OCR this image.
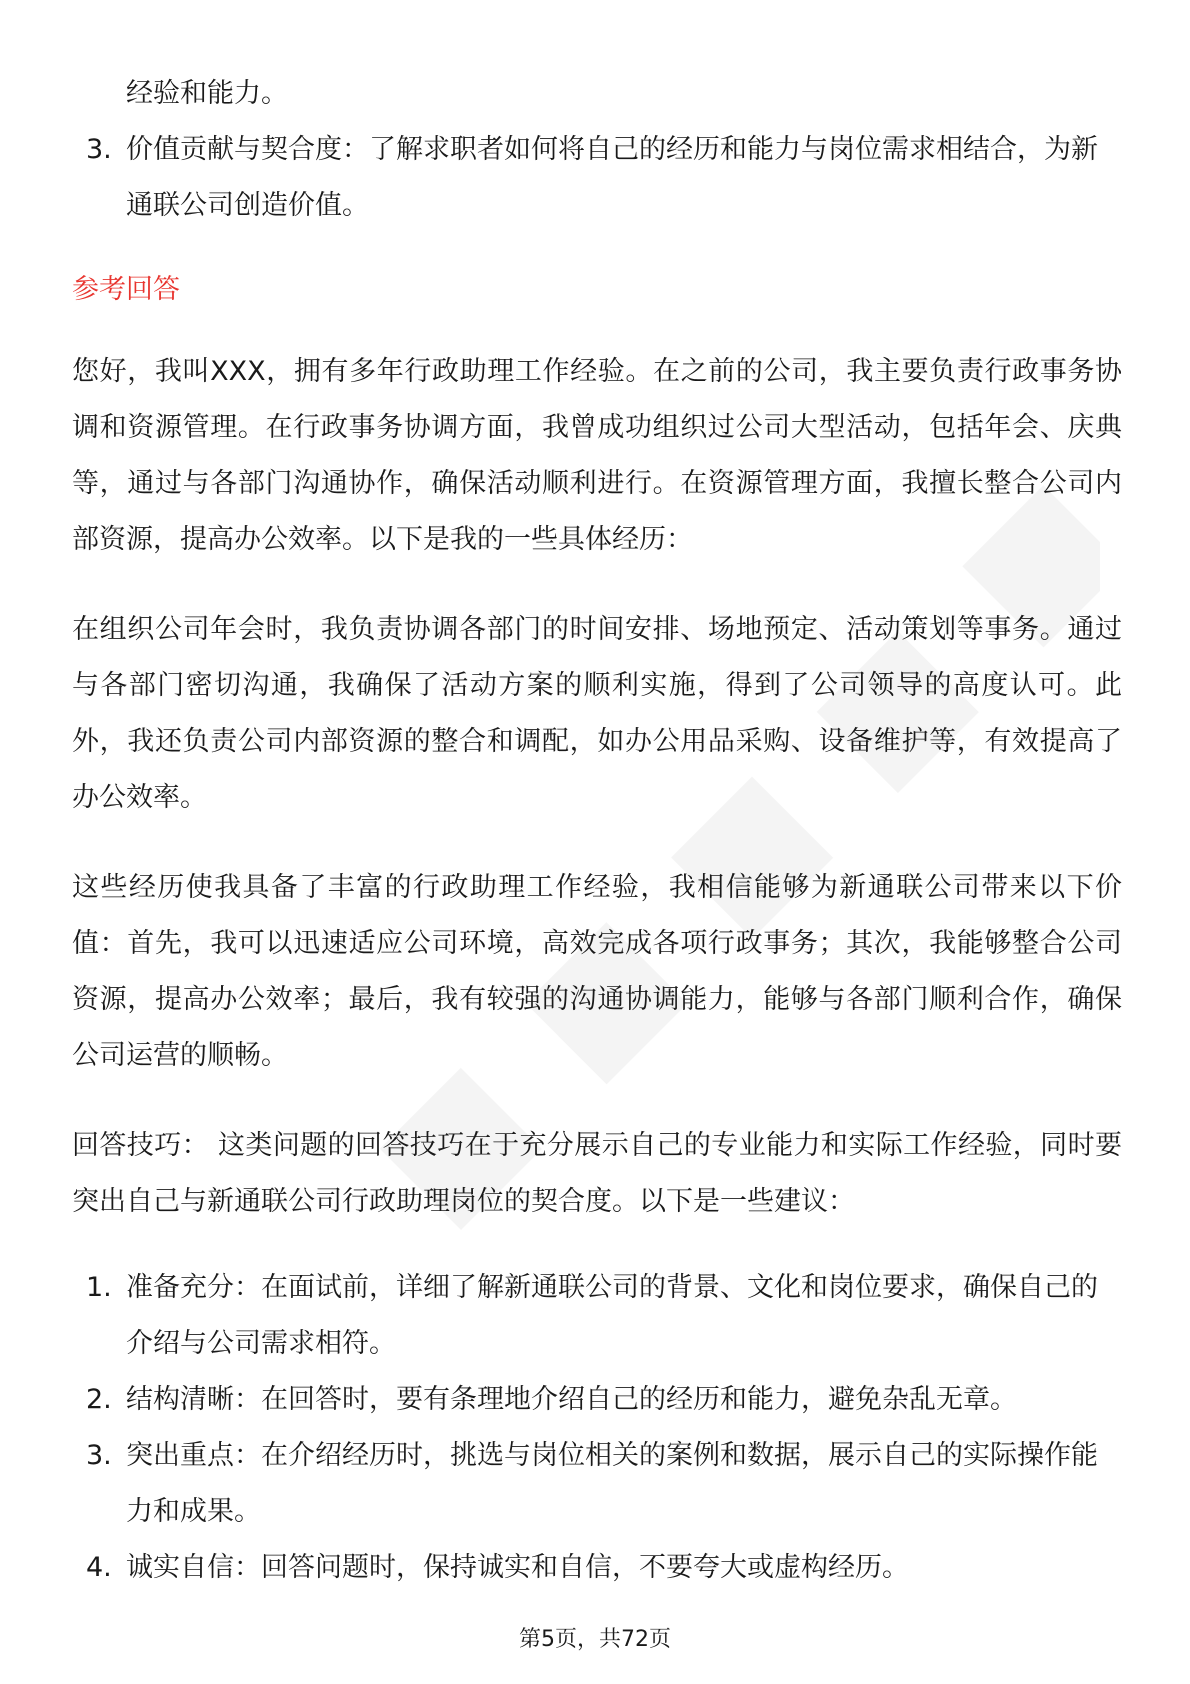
经验和能力。
3. 价值贡献与契合度：了解求职者如何将自己的经历和能力与岗位需求相结合，为新通联公司创造价值。
参考回答

您好，我叫XXX，拥有多年行政助理工作经验。在之前的公司，我主要负责行政事务协调和资源管理。在行政事务协调方面，我曾成功组织过公司大型活动，包括年会、庆典等，通过与各部门沟通协作，确保活动顺利进行。在资源管理方面，我擅长整合公司内部资源，提高办公效率。以下是我的一些具体经历：

在组织公司年会时，我负责协调各部门的时间安排、场地预定、活动策划等事务。通过与各部门密切沟通，我确保了活动方案的顺利实施，得到了公司领导的高度认可。此外，我还负责公司内部资源的整合和调配，如办公用品采购、设备维护等，有效提高了办公效率。

这些经历使我具备了丰富的行政助理工作经验，我相信能够为新通联公司带来以下价值：首先，我可以迅速适应公司环境，高效完成各项行政事务；其次，我能够整合公司资源，提高办公效率；最后，我有较强的沟通协调能力，能够与各部门顺利合作，确保公司运营的顺畅。

回答技巧： 这类问题的回答技巧在于充分展示自己的专业能力和实际工作经验，同时要突出自己与新通联公司行政助理岗位的契合度。以下是一些建议：

1. 准备充分：在面试前，详细了解新通联公司的背景、文化和岗位要求，确保自己的介绍与公司需求相符。
2. 结构清晰：在回答时，要有条理地介绍自己的经历和能力，避免杂乱无章。
3. 突出重点：在介绍经历时，挑选与岗位相关的案例和数据，展示自己的实际操作能力和成果。
4. 诚实自信：回答问题时，保持诚实和自信，不要夸大或虚构经历。
第5页，共72页
